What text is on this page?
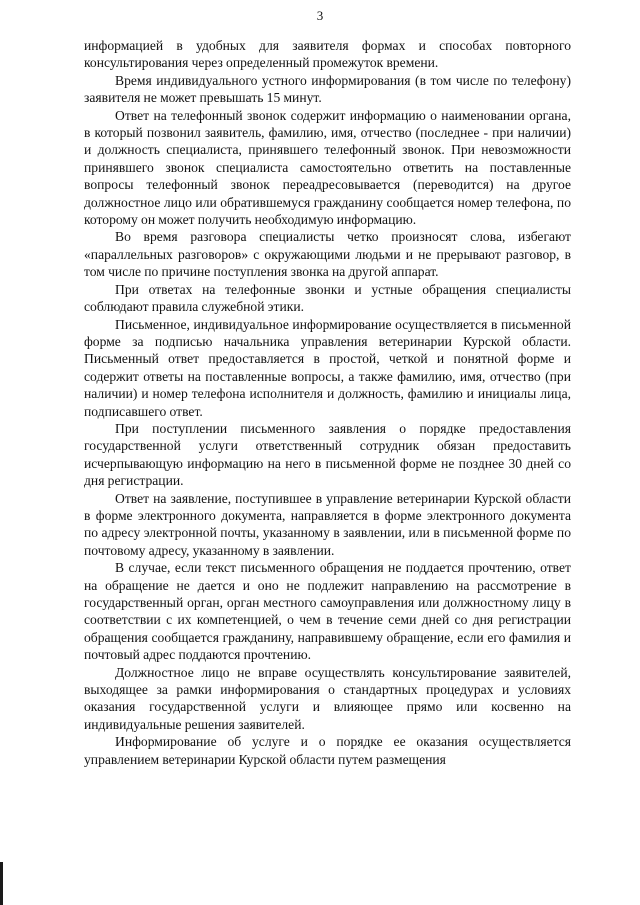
3

информацией в удобных для заявителя формах и способах повторного консультирования через определенный промежуток времени.

Время индивидуального устного информирования (в том числе по телефону) заявителя не может превышать 15 минут.

Ответ на телефонный звонок содержит информацию о наименовании органа, в который позвонил заявитель, фамилию, имя, отчество (последнее - при наличии) и должность специалиста, принявшего телефонный звонок. При невозможности принявшего звонок специалиста самостоятельно ответить на поставленные вопросы телефонный звонок переадресовывается (переводится) на другое должностное лицо или обратившемуся гражданину сообщается номер телефона, по которому он может получить необходимую информацию.

Во время разговора специалисты четко произносят слова, избегают «параллельных разговоров» с окружающими людьми и не прерывают разговор, в том числе по причине поступления звонка на другой аппарат.

При ответах на телефонные звонки и устные обращения специалисты соблюдают правила служебной этики.

Письменное, индивидуальное информирование осуществляется в письменной форме за подписью начальника управления ветеринарии Курской области. Письменный ответ предоставляется в простой, четкой и понятной форме и содержит ответы на поставленные вопросы, а также фамилию, имя, отчество (при наличии) и номер телефона исполнителя и должность, фамилию и инициалы лица, подписавшего ответ.

При поступлении письменного заявления о порядке предоставления государственной услуги ответственный сотрудник обязан предоставить исчерпывающую информацию на него в письменной форме не позднее 30 дней со дня регистрации.

Ответ на заявление, поступившее в управление ветеринарии Курской области в форме электронного документа, направляется в форме электронного документа по адресу электронной почты, указанному в заявлении, или в письменной форме по почтовому адресу, указанному в заявлении.

В случае, если текст письменного обращения не поддается прочтению, ответ на обращение не дается и оно не подлежит направлению на рассмотрение в государственный орган, орган местного самоуправления или должностному лицу в соответствии с их компетенцией, о чем в течение семи дней со дня регистрации обращения сообщается гражданину, направившему обращение, если его фамилия и почтовый адрес поддаются прочтению.

Должностное лицо не вправе осуществлять консультирование заявителей, выходящее за рамки информирования о стандартных процедурах и условиях оказания государственной услуги и влияющее прямо или косвенно на индивидуальные решения заявителей.

Информирование об услуге и о порядке ее оказания осуществляется управлением ветеринарии Курской области путем размещения
